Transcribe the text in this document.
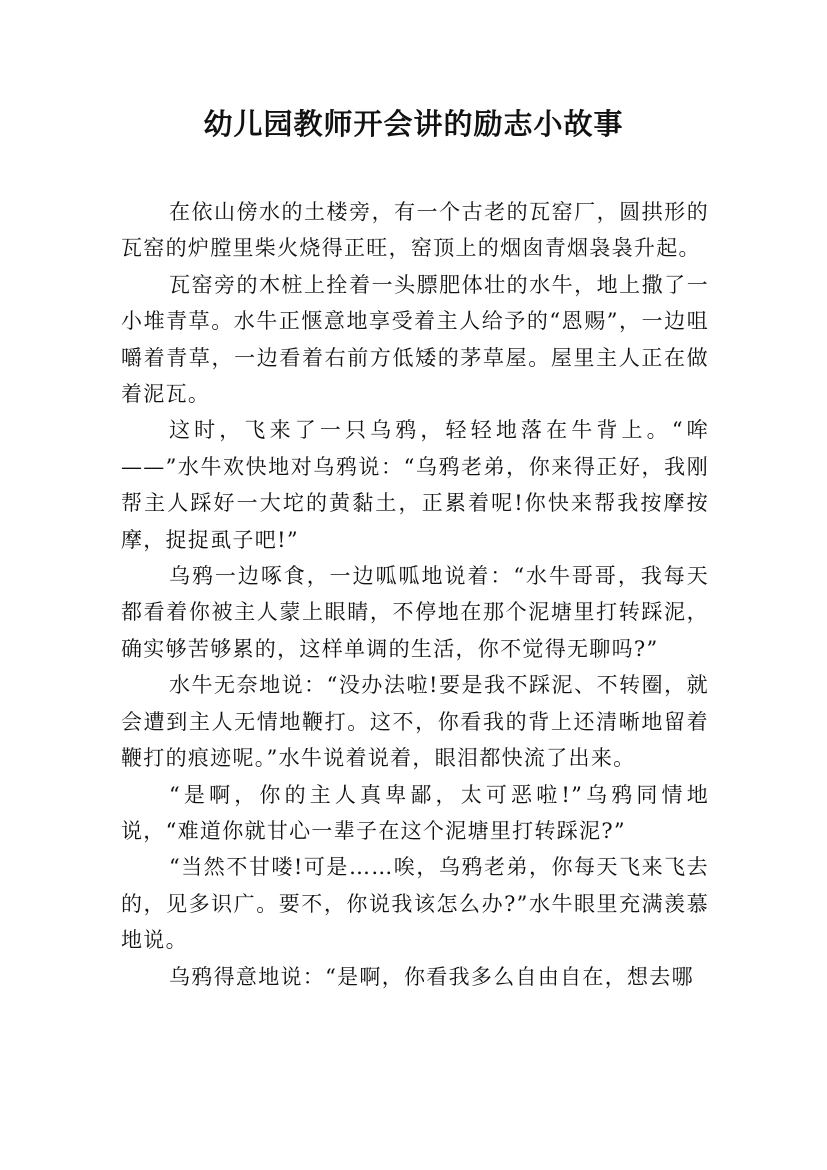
幼儿园教师开会讲的励志小故事

在依山傍水的土楼旁，有一个古老的瓦窑厂，圆拱形的瓦窑的炉膛里柴火烧得正旺，窑顶上的烟囱青烟袅袅升起。

瓦窑旁的木桩上拴着一头膘肥体壮的水牛，地上撒了一小堆青草。水牛正惬意地享受着主人给予的“恩赐”，一边咀嚼着青草，一边看着右前方低矮的茅草屋。屋里主人正在做着泥瓦。

这时，飞来了一只乌鸦，轻轻地落在牛背上。“哞——”水牛欢快地对乌鸦说：“乌鸦老弟，你来得正好，我刚帮主人踩好一大坨的黄黏土，正累着呢!你快来帮我按摩按摩，捉捉虱子吧!”

乌鸦一边啄食，一边呱呱地说着：“水牛哥哥，我每天都看着你被主人蒙上眼睛，不停地在那个泥塘里打转踩泥，确实够苦够累的，这样单调的生活，你不觉得无聊吗?”

水牛无奈地说：“没办法啦!要是我不踩泥、不转圈，就会遭到主人无情地鞭打。这不，你看我的背上还清晰地留着鞭打的痕迹呢。”水牛说着说着，眼泪都快流了出来。

“是啊，你的主人真卑鄙，太可恶啦!”乌鸦同情地说，“难道你就甘心一辈子在这个泥塘里打转踩泥?”

“当然不甘喽!可是……唉，乌鸦老弟，你每天飞来飞去的，见多识广。要不，你说我该怎么办?”水牛眼里充满羡慕地说。

乌鸦得意地说：“是啊，你看我多么自由自在，想去哪
